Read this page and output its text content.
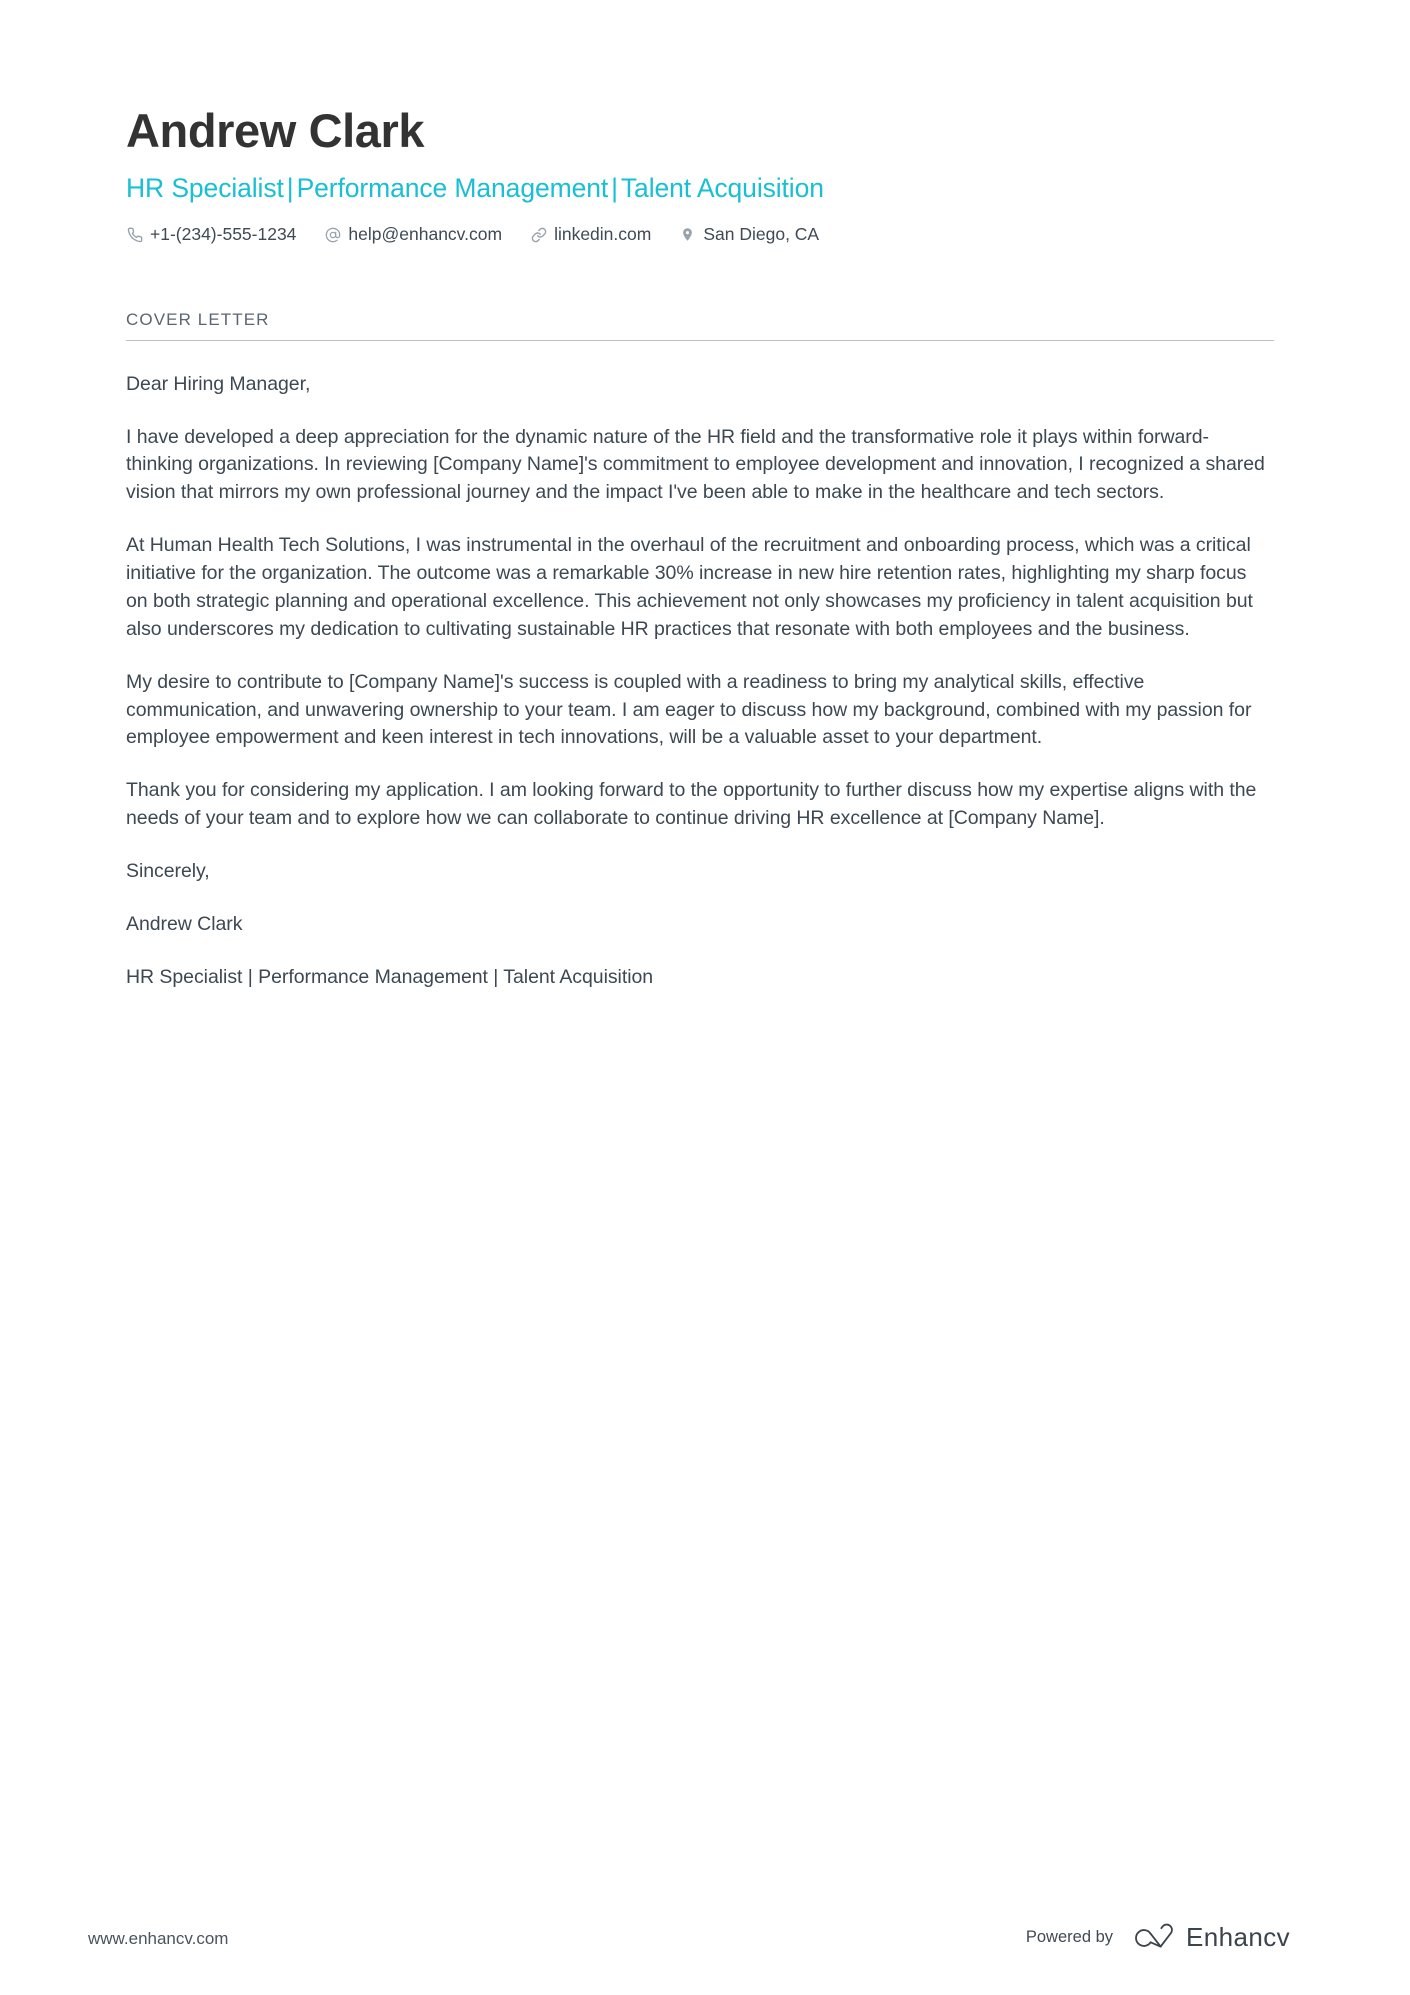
Andrew Clark
HR Specialist | Performance Management | Talent Acquisition
+1-(234)-555-1234	help@enhancv.com	linkedin.com	San Diego, CA
COVER LETTER

Dear Hiring Manager,

I have developed a deep appreciation for the dynamic nature of the HR field and the transformative role it plays within forward-thinking organizations. In reviewing [Company Name]'s commitment to employee development and innovation, I recognized a shared vision that mirrors my own professional journey and the impact I've been able to make in the healthcare and tech sectors.

At Human Health Tech Solutions, I was instrumental in the overhaul of the recruitment and onboarding process, which was a critical initiative for the organization. The outcome was a remarkable 30% increase in new hire retention rates, highlighting my sharp focus on both strategic planning and operational excellence. This achievement not only showcases my proficiency in talent acquisition but also underscores my dedication to cultivating sustainable HR practices that resonate with both employees and the business.

My desire to contribute to [Company Name]'s success is coupled with a readiness to bring my analytical skills, effective communication, and unwavering ownership to your team. I am eager to discuss how my background, combined with my passion for employee empowerment and keen interest in tech innovations, will be a valuable asset to your department.

Thank you for considering my application. I am looking forward to the opportunity to further discuss how my expertise aligns with the needs of your team and to explore how we can collaborate to continue driving HR excellence at [Company Name].

Sincerely,

Andrew Clark

HR Specialist | Performance Management | Talent Acquisition

www.enhancv.com	Powered by	Enhancv
